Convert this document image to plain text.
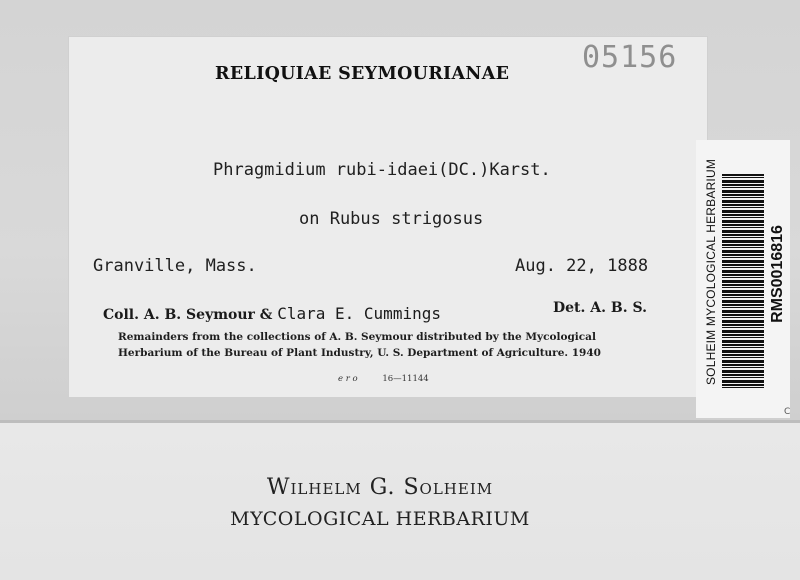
RELIQUIAE SEYMOURIANAE 05156
Phragmidium rubi-idaei(DC.)Karst.
on Rubus strigosus
Granville, Mass.	Aug. 22, 1888
Coll. A. B. Seymour & Clara E. Cummings	Det. A. B. S.
Remainders from the collections of A. B. Seymour distributed by the Mycological Herbarium of the Bureau of Plant Industry, U. S. Department of Agriculture. 1940
e r o	16—11144	SOLHEIM MYCOLOGICAL HERBARIUM	RMS0016816
C
Wilhelm G. Solheim
MYCOLOGICAL HERBARIUM
